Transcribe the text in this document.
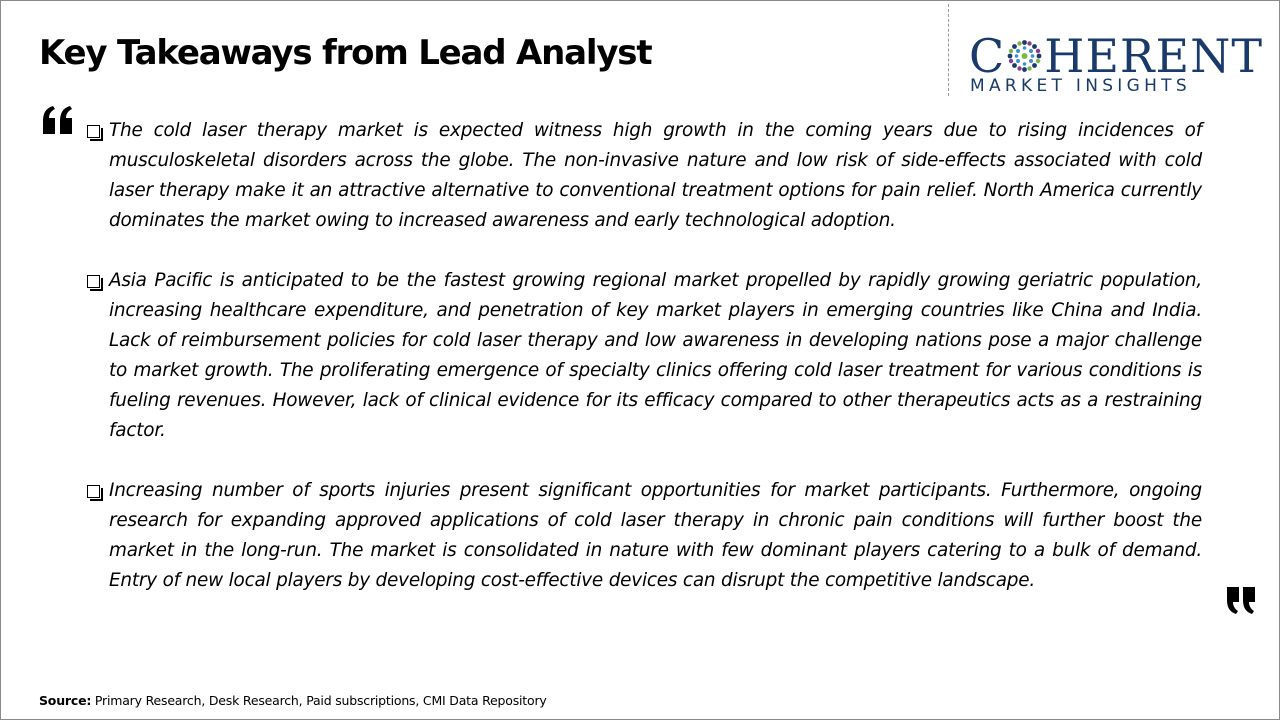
Key Takeaways from Lead Analyst	C HERENT
MARKET INSIGHTS
The cold laser therapy market is expected witness high growth in the coming years due to rising incidences of musculoskeletal disorders across the globe. The non-invasive nature and low risk of side-effects associated with cold laser therapy make it an attractive alternative to conventional treatment options for pain relief. North America currently dominates the market owing to increased awareness and early technological adoption.
Asia Pacific is anticipated to be the fastest growing regional market propelled by rapidly growing geriatric population, increasing healthcare expenditure, and penetration of key market players in emerging countries like China and India. Lack of reimbursement policies for cold laser therapy and low awareness in developing nations pose a major challenge to market growth. The proliferating emergence of specialty clinics offering cold laser treatment for various conditions is fueling revenues. However, lack of clinical evidence for its efficacy compared to other therapeutics acts as a restraining factor.
Increasing number of sports injuries present significant opportunities for market participants. Furthermore, ongoing research for expanding approved applications of cold laser therapy in chronic pain conditions will further boost the market in the long-run. The market is consolidated in nature with few dominant players catering to a bulk of demand. Entry of new local players by developing cost-effective devices can disrupt the competitive landscape.
Source: Primary Research, Desk Research, Paid subscriptions, CMI Data Repository
